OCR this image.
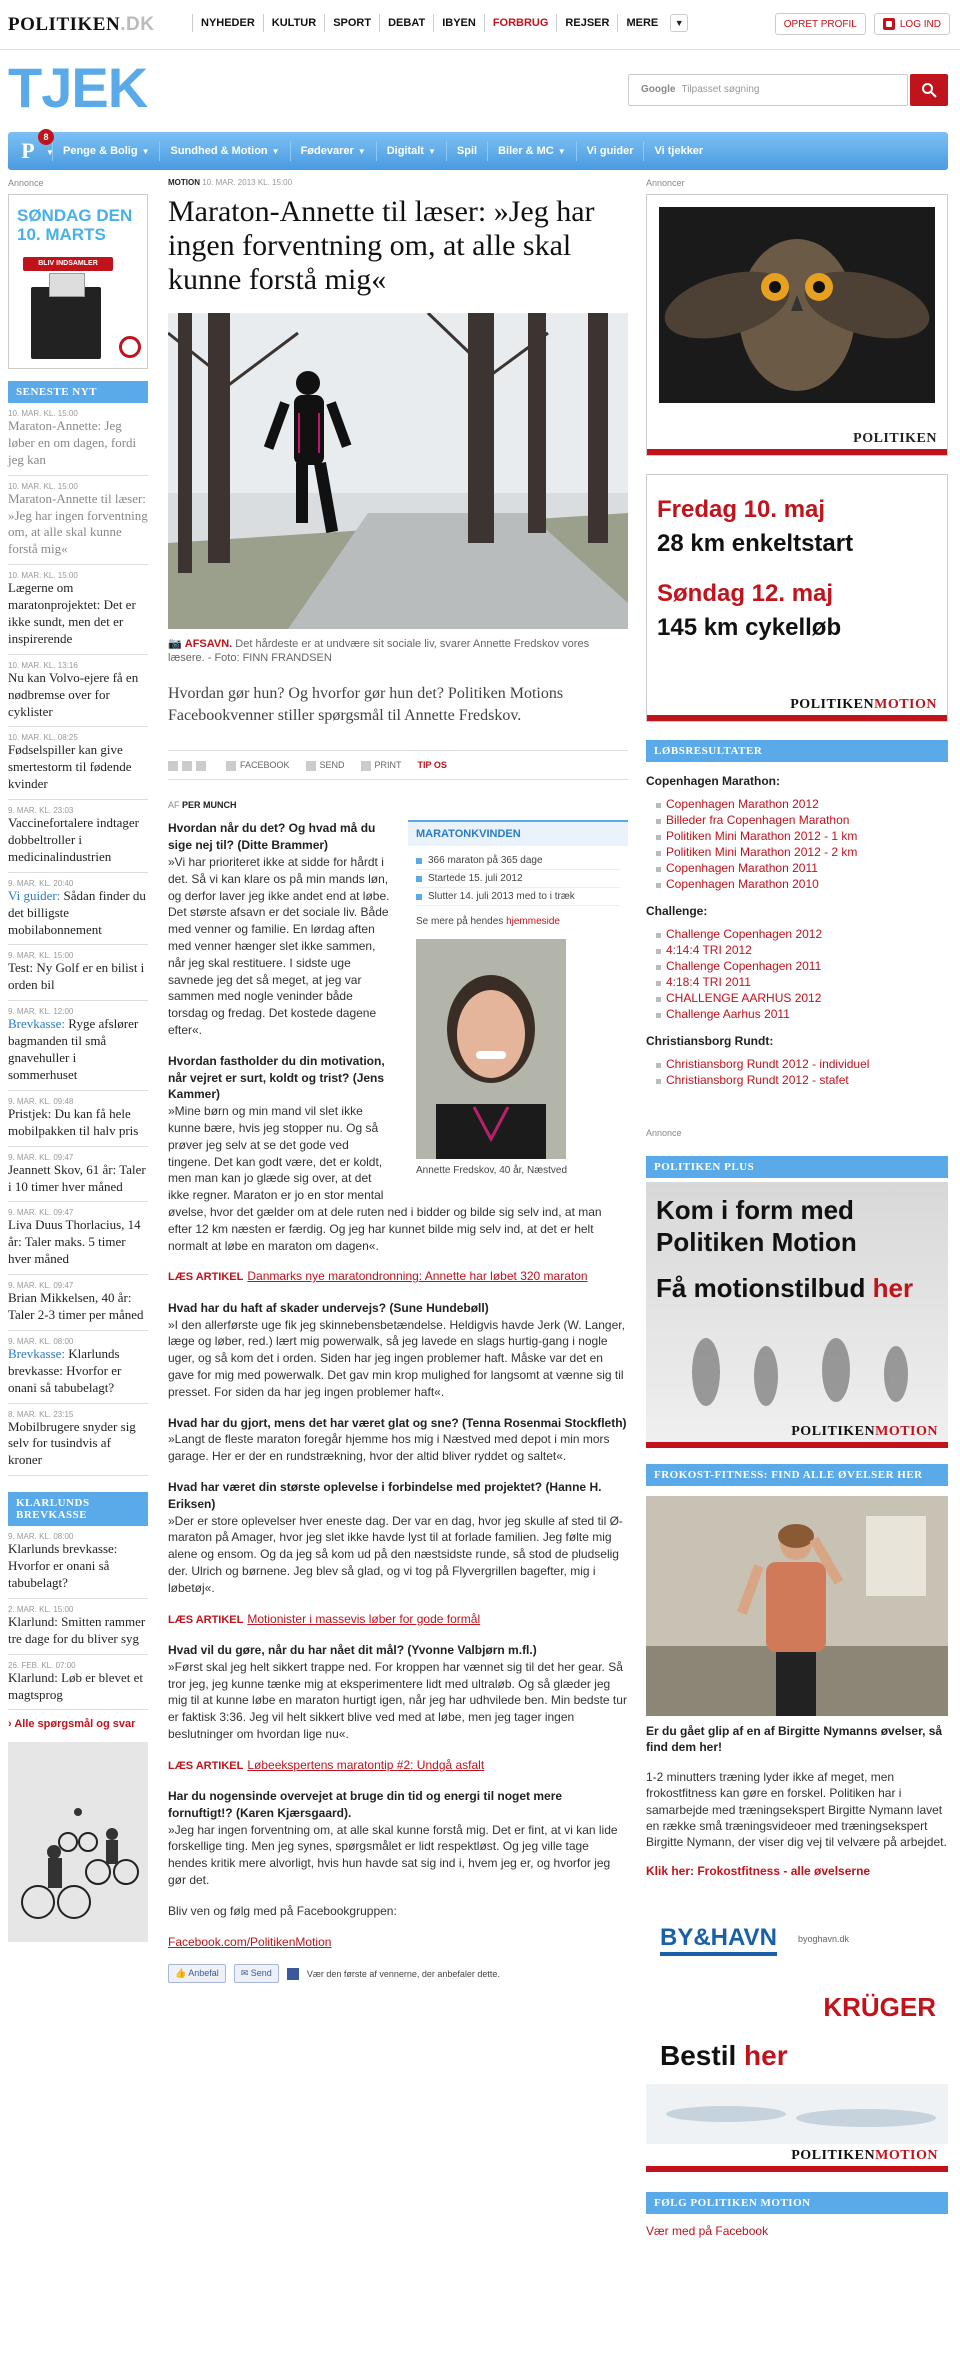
POLITIKEN.DK	NYHEDER	KULTUR	SPORT	DEBAT	IBYEN	FORBRUG	REJSER	MERE	▼	OPRET PROFIL	LOG IND
TJEK	Google Tilpasset søgning
P
8
▼ Penge & Bolig ▼	Sundhed & Motion ▼	Fødevarer ▼	Digitalt ▼	Spil	Biler & MC ▼	Vi guider	Vi tjekker
Annonce
SØNDAG DEN 10. MARTS
BLIV INDSAMLER
SENESTE NYT
10. MAR. KL. 15:00
Maraton-Annette: Jeg løber en om dagen, fordi jeg kan
10. MAR. KL. 15:00
Maraton-Annette til læser: »Jeg har ingen forventning om, at alle skal kunne forstå mig«
10. MAR. KL. 15:00
Lægerne om maratonprojektet: Det er ikke sundt, men det er inspirerende
10. MAR. KL. 13:16
Nu kan Volvo-ejere få en nødbremse over for cyklister
10. MAR. KL. 08:25
Fødselspiller kan give smertestorm til fødende kvinder
9. MAR. KL. 23:03
Vaccinefortalere indtager dobbeltroller i medicinalindustrien
9. MAR. KL. 20:40
Vi guider: Sådan finder du det billigste mobilabonnement
9. MAR. KL. 15:00
Test: Ny Golf er en bilist i orden bil
9. MAR. KL. 12:00
Brevkasse: Ryge afslører bagmanden til små gnavehuller i sommerhuset
9. MAR. KL. 09:48
Pristjek: Du kan få hele mobilpakken til halv pris
9. MAR. KL. 09:47
Jeannett Skov, 61 år: Taler i 10 timer hver måned
9. MAR. KL. 09:47
Liva Duus Thorlacius, 14 år: Taler maks. 5 timer hver måned
9. MAR. KL. 09:47
Brian Mikkelsen, 40 år: Taler 2-3 timer per måned
9. MAR. KL. 08:00
Brevkasse: Klarlunds brevkasse: Hvorfor er onani så tabubelagt?
8. MAR. KL. 23:15
Mobilbrugere snyder sig selv for tusindvis af kroner
KLARLUNDS BREVKASSE
9. MAR. KL. 08:00
Klarlunds brevkasse: Hvorfor er onani så tabubelagt?
2. MAR. KL. 15:00
Klarlund: Smitten rammer tre dage for du bliver syg
26. FEB. KL. 07:00
Klarlund: Løb er blevet et magtsprog
› Alle spørgsmål og svar
MOTION 10. MAR. 2013 KL. 15:00
Maraton-Annette til læser: »Jeg har ingen forventning om, at alle skal kunne forstå mig«
📷 AFSAVN. Det hårdeste er at undvære sit sociale liv, svarer Annette Fredskov vores læsere. - Foto: FINN FRANDSEN
Hvordan gør hun? Og hvorfor gør hun det? Politiken Motions Facebookvenner stiller spørgsmål til Annette Fredskov.
FACEBOOK	SEND	PRINT TIP OS
AF PER MUNCH
MARATONKVINDEN
366 maraton på 365 dage
Startede 15. juli 2012
Slutter 14. juli 2013 med to i træk
Se mere på hendes hjemmeside
Annette Fredskov, 40 år, Næstved

Hvordan når du det? Og hvad må du sige nej til? (Ditte Brammer)
»Vi har prioriteret ikke at sidde for hårdt i det. Så vi kan klare os på min mands løn, og derfor laver jeg ikke andet end at løbe. Det største afsavn er det sociale liv. Både med venner og familie. En lørdag aften med venner hænger slet ikke sammen, når jeg skal restituere. I sidste uge savnede jeg det så meget, at jeg var sammen med nogle veninder både torsdag og fredag. Det kostede dagene efter«.

Hvordan fastholder du din motivation, når vejret er surt, koldt og trist? (Jens Kammer)
»Mine børn og min mand vil slet ikke kunne bære, hvis jeg stopper nu. Og så prøver jeg selv at se det gode ved tingene. Det kan godt være, det er koldt, men man kan jo glæde sig over, at det ikke regner. Maraton er jo en stor mental øvelse, hvor det gælder om at dele ruten ned i bidder og bilde sig selv ind, at man efter 12 km næsten er færdig. Og jeg har kunnet bilde mig selv ind, at det er helt normalt at løbe en maraton om dagen«.

LÆS ARTIKEL Danmarks nye maratondronning: Annette har løbet 320 maraton

Hvad har du haft af skader undervejs? (Sune Hundebøll)
»I den allerførste uge fik jeg skinnebensbetændelse. Heldigvis havde Jerk (W. Langer, læge og løber, red.) lært mig powerwalk, så jeg lavede en slags hurtig-gang i nogle uger, og så kom det i orden. Siden har jeg ingen problemer haft. Måske var det en gave for mig med powerwalk. Det gav min krop mulighed for langsomt at vænne sig til presset. For siden da har jeg ingen problemer haft«.

Hvad har du gjort, mens det har været glat og sne? (Tenna Rosenmai Stockfleth)
»Langt de fleste maraton foregår hjemme hos mig i Næstved med depot i min mors garage. Her er der en rundstrækning, hvor der altid bliver ryddet og saltet«.

Hvad har været din største oplevelse i forbindelse med projektet? (Hanne H. Eriksen)
»Der er store oplevelser hver eneste dag. Der var en dag, hvor jeg skulle af sted til Ø-maraton på Amager, hvor jeg slet ikke havde lyst til at forlade familien. Jeg følte mig alene og ensom. Og da jeg så kom ud på den næstsidste runde, så stod de pludselig der. Ulrich og børnene. Jeg blev så glad, og vi tog på Flyvergrillen bagefter, mig i løbetøj«.

LÆS ARTIKEL Motionister i massevis løber for gode formål

Hvad vil du gøre, når du har nået dit mål? (Yvonne Valbjørn m.fl.)
»Først skal jeg helt sikkert trappe ned. For kroppen har vænnet sig til det her gear. Så tror jeg, jeg kunne tænke mig at eksperimentere lidt med ultraløb. Og så glæder jeg mig til at kunne løbe en maraton hurtigt igen, når jeg har udhvilede ben. Min bedste tur er faktisk 3:36. Jeg vil helt sikkert blive ved med at løbe, men jeg tager ingen beslutninger om hvordan lige nu«.

LÆS ARTIKEL Løbeekspertens maratontip #2: Undgå asfalt

Har du nogensinde overvejet at bruge din tid og energi til noget mere fornuftigt!? (Karen Kjærsgaard).
»Jeg har ingen forventning om, at alle skal kunne forstå mig. Det er fint, at vi kan lide forskellige ting. Men jeg synes, spørgsmålet er lidt respektløst. Og jeg ville tage hendes kritik mere alvorligt, hvis hun havde sat sig ind i, hvem jeg er, og hvorfor jeg gør det.

Bliv ven og følg med på Facebookgruppen:

Facebook.com/PolitikenMotion

👍 Anbefal	✉ Send	Vær den første af vennerne, der anbefaler dette.
Annoncer
POLITIKEN
Fredag 10. maj
28 km enkeltstart
Søndag 12. maj
145 km cykelløb
POLITIKENMOTION
LØBSRESULTATER
Copenhagen Marathon:
Copenhagen Marathon 2012
Billeder fra Copenhagen Marathon
Politiken Mini Marathon 2012 - 1 km
Politiken Mini Marathon 2012 - 2 km
Copenhagen Marathon 2011
Copenhagen Marathon 2010
Challenge:
Challenge Copenhagen 2012
4:14:4 TRI 2012
Challenge Copenhagen 2011
4:18:4 TRI 2011
CHALLENGE AARHUS 2012
Challenge Aarhus 2011
Christiansborg Rundt:
Christiansborg Rundt 2012 - individuel
Christiansborg Rundt 2012 - stafet
Annonce
POLITIKEN PLUS
Kom i form med
Politiken Motion
Få motionstilbud her
POLITIKENMOTION
FROKOST-FITNESS: FIND ALLE ØVELSER HER
Er du gået glip af en af Birgitte Nymanns øvelser, så find dem her!
1-2 minutters træning lyder ikke af meget, men frokostfitness kan gøre en forskel. Politiken har i samarbejde med træningsekspert Birgitte Nymann lavet en række små træningsvideoer med træningsekspert Birgitte Nymann, der viser dig vej til velvære på arbejdet.
Klik her: Frokostfitness - alle øvelserne
BY&HAVN byoghavn.dk
KRÜGER
Bestil her
POLITIKENMOTION
FØLG POLITIKEN MOTION
Vær med på Facebook
